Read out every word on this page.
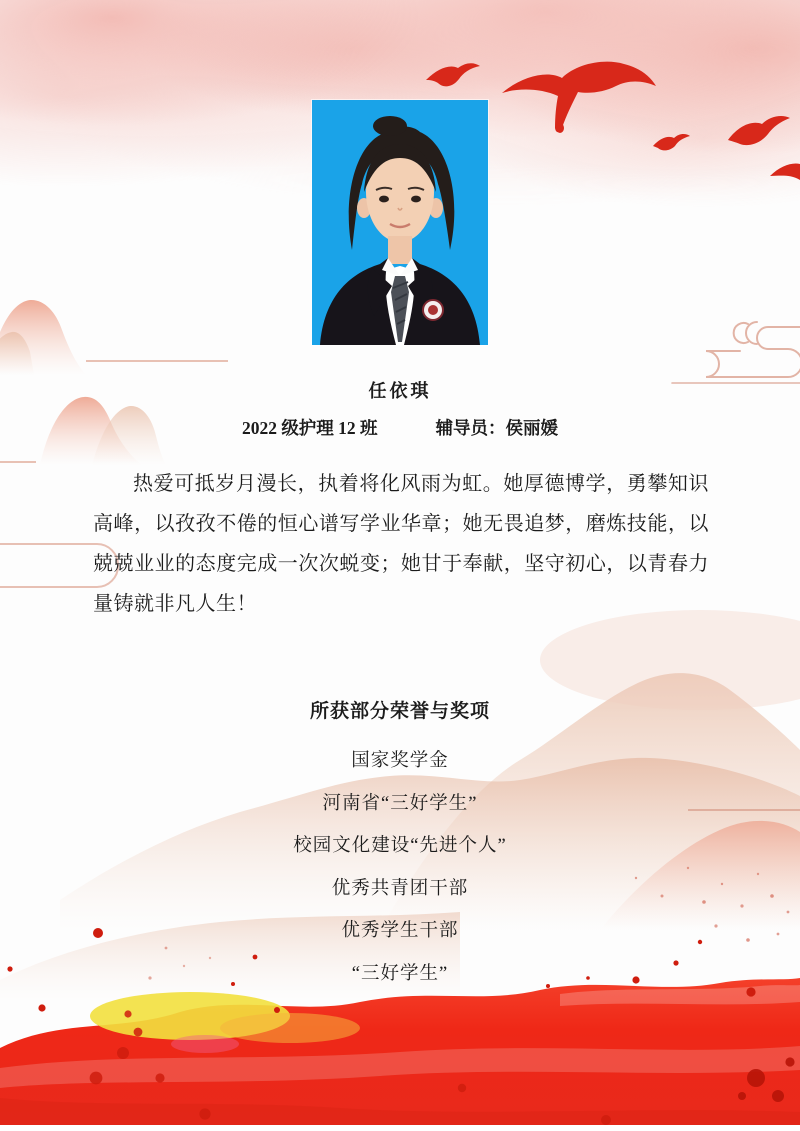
任依琪
2022 级护理 12 班	辅导员：侯丽媛
热爱可抵岁月漫长，执着将化风雨为虹。她厚德博学，勇攀知识高峰，以孜孜不倦的恒心谱写学业华章；她无畏追梦，磨炼技能，以兢兢业业的态度完成一次次蜕变；她甘于奉献，坚守初心，以青春力量铸就非凡人生！
所获部分荣誉与奖项
国家奖学金
河南省“三好学生”
校园文化建设“先进个人”
优秀共青团干部
优秀学生干部
“三好学生”
